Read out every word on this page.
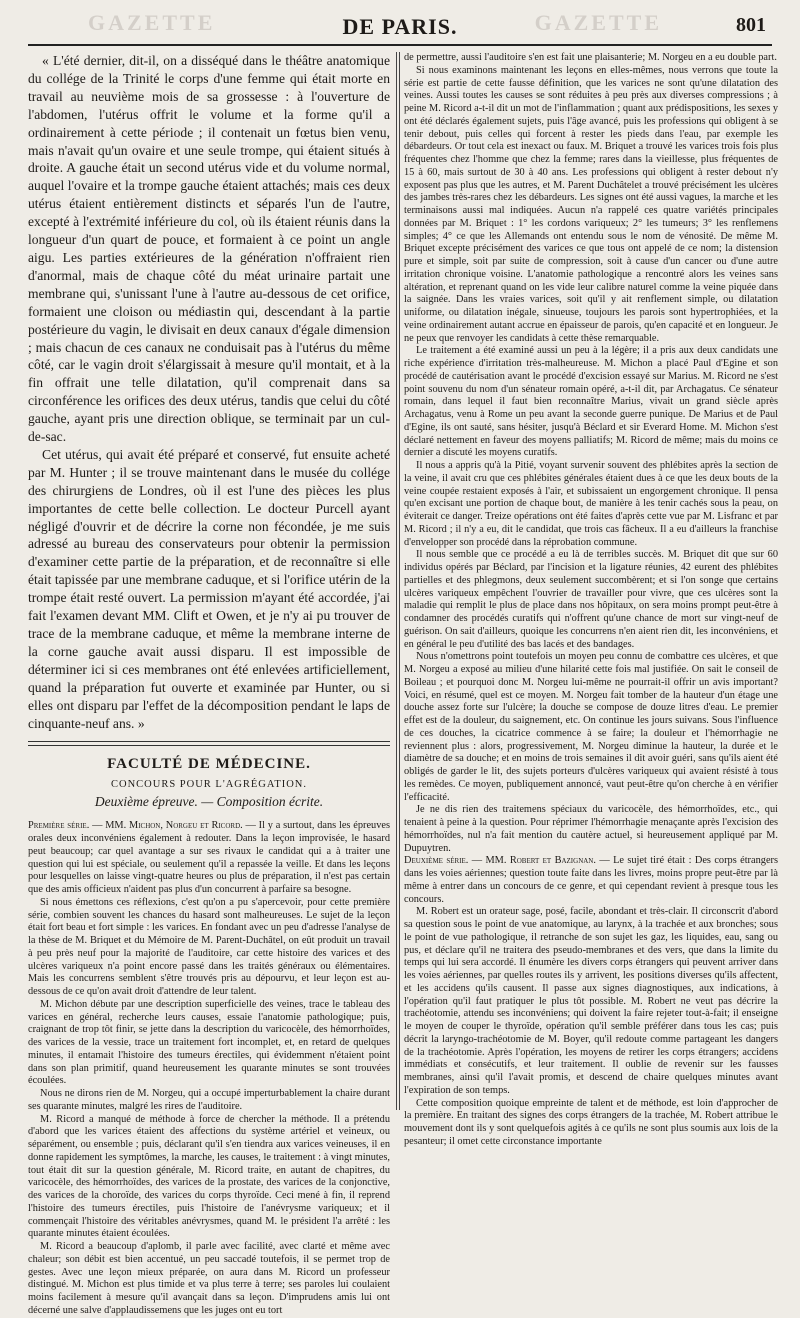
GAZETTE	GAZETTE
DE PARIS.	801

« L'été dernier, dit-il, on a disséqué dans le théâtre anatomique du collége de la Trinité le corps d'une femme qui était morte en travail au neuvième mois de sa grossesse : à l'ouverture de l'abdomen, l'utérus offrit le volume et la forme qu'il a ordinairement à cette période ; il contenait un fœtus bien venu, mais n'avait qu'un ovaire et une seule trompe, qui étaient situés à droite. A gauche était un second utérus vide et du volume normal, auquel l'ovaire et la trompe gauche étaient attachés; mais ces deux utérus étaient entièrement distincts et séparés l'un de l'autre, excepté à l'extrémité inférieure du col, où ils étaient réunis dans la longueur d'un quart de pouce, et formaient à ce point un angle aigu. Les parties extérieures de la génération n'offraient rien d'anormal, mais de chaque côté du méat urinaire partait une membrane qui, s'unissant l'une à l'autre au-dessous de cet orifice, formaient une cloison ou médiastin qui, descendant à la partie postérieure du vagin, le divisait en deux canaux d'égale dimension ; mais chacun de ces canaux ne conduisait pas à l'utérus du même côté, car le vagin droit s'élargissait à mesure qu'il montait, et à la fin offrait une telle dilatation, qu'il comprenait dans sa circonférence les orifices des deux utérus, tandis que celui du côté gauche, ayant pris une direction oblique, se terminait par un cul-de-sac.

Cet utérus, qui avait été préparé et conservé, fut ensuite acheté par M. Hunter ; il se trouve maintenant dans le musée du collége des chirurgiens de Londres, où il est l'une des pièces les plus importantes de cette belle collection. Le docteur Purcell ayant négligé d'ouvrir et de décrire la corne non fécondée, je me suis adressé au bureau des conservateurs pour obtenir la permission d'examiner cette partie de la préparation, et de reconnaître si elle était tapissée par une membrane caduque, et si l'orifice utérin de la trompe était resté ouvert. La permission m'ayant été accordée, j'ai fait l'examen devant MM. Clift et Owen, et je n'y ai pu trouver de trace de la membrane caduque, et même la membrane interne de la corne gauche avait aussi disparu. Il est impossible de déterminer ici si ces membranes ont été enlevées artificiellement, quand la préparation fut ouverte et examinée par Hunter, ou si elles ont disparu par l'effet de la décomposition pendant le laps de cinquante-neuf ans. »

FACULTÉ DE MÉDECINE.
CONCOURS POUR L'AGRÉGATION.
Deuxième épreuve. — Composition écrite.

Première série. — MM. Michon, Norgeu et Ricord. — Il y a surtout, dans les épreuves orales deux inconvéniens également à redouter. Dans la leçon improvisée, le hasard peut beaucoup; car quel avantage a sur ses rivaux le candidat qui a à traiter une question qui lui est spéciale, ou seulement qu'il a repassée la veille. Et dans les leçons pour lesquelles on laisse vingt-quatre heures ou plus de préparation, il n'est pas certain que des amis officieux n'aident pas plus d'un concurrent à parfaire sa besogne.

Si nous émettons ces réflexions, c'est qu'on a pu s'apercevoir, pour cette première série, combien souvent les chances du hasard sont malheureuses. Le sujet de la leçon était fort beau et fort simple : les varices. En fondant avec un peu d'adresse l'analyse de la thèse de M. Briquet et du Mémoire de M. Parent-Duchâtel, on eût produit un travail à peu près neuf pour la majorité de l'auditoire, car cette histoire des varices et des ulcères variqueux n'a point encore passé dans les traités généraux ou élémentaires. Mais les concurrens semblent s'être trouvés pris au dépourvu, et leur leçon est au-dessous de ce qu'on avait droit d'attendre de leur talent.

M. Michon débute par une description superficielle des veines, trace le tableau des varices en général, recherche leurs causes, essaie l'anatomie pathologique; puis, craignant de trop tôt finir, se jette dans la description du varicocèle, des hémorrhoïdes, des varices de la vessie, trace un traitement fort incomplet, et, en retard de quelques minutes, il entamait l'histoire des tumeurs érectiles, qui évidemment n'étaient point dans son plan primitif, quand heureusement les quarante minutes se sont trouvées écoulées.

Nous ne dirons rien de M. Norgeu, qui a occupé imperturbablement la chaire durant ses quarante minutes, malgré les rires de l'auditoire.

M. Ricord a manqué de méthode à force de chercher la méthode. Il a prétendu d'abord que les varices étaient des affections du système artériel et veineux, ou séparément, ou ensemble ; puis, déclarant qu'il s'en tiendra aux varices veineuses, il en donne rapidement les symptômes, la marche, les causes, le traitement : à vingt minutes, tout était dit sur la question générale, M. Ricord traite, en autant de chapitres, du varicocèle, des hémorrhoïdes, des varices de la prostate, des varices de la conjonctive, des varices de la choroïde, des varices du corps thyroïde. Ceci mené à fin, il reprend l'histoire des tumeurs érectiles, puis l'histoire de l'anévrysme variqueux; et il commençait l'histoire des véritables anévrysmes, quand M. le président l'a arrêté : les quarante minutes étaient écoulées.

M. Ricord a beaucoup d'aplomb, il parle avec facilité, avec clarté et même avec chaleur; son débit est bien accentué, un peu saccadé toutefois, il se permet trop de gestes. Avec une leçon mieux préparée, on aura dans M. Ricord un professeur distingué. M. Michon est plus timide et va plus terre à terre; ses paroles lui coulaient moins facilement à mesure qu'il avançait dans sa leçon. D'imprudens amis lui ont décerné une salve d'applaudissemens que les juges ont eu tort

de permettre, aussi l'auditoire s'en est fait une plaisanterie; M. Norgeu en a eu double part.

Si nous examinons maintenant les leçons en elles-mêmes, nous verrons que toute la série est partie de cette fausse définition, que les varices ne sont qu'une dilatation des veines. Aussi toutes les causes se sont réduites à peu près aux diverses compressions ; à peine M. Ricord a-t-il dit un mot de l'inflammation ; quant aux prédispositions, les sexes y ont été déclarés également sujets, puis l'âge avancé, puis les professions qui obligent à se tenir debout, puis celles qui forcent à rester les pieds dans l'eau, par exemple les débardeurs. Or tout cela est inexact ou faux. M. Briquet a trouvé les varices trois fois plus fréquentes chez l'homme que chez la femme; rares dans la vieillesse, plus fréquentes de 15 à 60, mais surtout de 30 à 40 ans. Les professions qui obligent à rester debout n'y exposent pas plus que les autres, et M. Parent Duchâtelet a trouvé précisément les ulcères des jambes très-rares chez les débardeurs. Les signes ont été aussi vagues, la marche et les terminaisons aussi mal indiquées. Aucun n'a rappelé ces quatre variétés principales données par M. Briquet : 1° les cordons variqueux; 2° les tumeurs; 3° les renflemens simples; 4° ce que les Allemands ont entendu sous le nom de vénosité. De même M. Briquet excepte précisément des varices ce que tous ont appelé de ce nom; la distension pure et simple, soit par suite de compression, soit à cause d'un cancer ou d'une autre irritation chronique voisine. L'anatomie pathologique a rencontré alors les veines sans altération, et reprenant quand on les vide leur calibre naturel comme la veine piquée dans la saignée. Dans les vraies varices, soit qu'il y ait renflement simple, ou dilatation uniforme, ou dilatation inégale, sinueuse, toujours les parois sont hypertrophiées, et la veine ordinairement autant accrue en épaisseur de parois, qu'en capacité et en longueur. Je ne peux que renvoyer les candidats à cette thèse remarquable.

Le traitement a été examiné aussi un peu à la légère; il a pris aux deux candidats une riche expérience d'irritation très-malheureuse. M. Michon a placé Paul d'Egine et son procédé de cautérisation avant le procédé d'excision essayé sur Marius. M. Ricord ne s'est point souvenu du nom d'un sénateur romain opéré, a-t-il dit, par Archagatus. Ce sénateur romain, dans lequel il faut bien reconnaître Marius, vivait un grand siècle après Archagatus, venu à Rome un peu avant la seconde guerre punique. De Marius et de Paul d'Egine, ils ont sauté, sans hésiter, jusqu'à Béclard et sir Everard Home. M. Michon s'est déclaré nettement en faveur des moyens palliatifs; M. Ricord de même; mais du moins ce dernier a discuté les moyens curatifs.

Il nous a appris qu'à la Pitié, voyant survenir souvent des phlébites après la section de la veine, il avait cru que ces phlébites générales étaient dues à ce que les deux bouts de la veine coupée restaient exposés à l'air, et subissaient un engorgement chronique. Il pensa qu'en excisant une portion de chaque bout, de manière à les tenir cachés sous la peau, on éviterait ce danger. Treize opérations ont été faites d'après cette vue par M. Lisfranc et par M. Ricord ; il n'y a eu, dit le candidat, que trois cas fâcheux. Il a eu d'ailleurs la franchise d'envelopper son procédé dans la réprobation commune.

Il nous semble que ce procédé a eu là de terribles succès. M. Briquet dit que sur 60 individus opérés par Béclard, par l'incision et la ligature réunies, 42 eurent des phlébites partielles et des phlegmons, deux seulement succombèrent; et si l'on songe que certains ulcères variqueux empêchent l'ouvrier de travailler pour vivre, que ces ulcères sont la maladie qui remplit le plus de place dans nos hôpitaux, on sera moins prompt peut-être à condamner des procédés curatifs qui n'offrent qu'une chance de mort sur vingt-neuf de guérison. On sait d'ailleurs, quoique les concurrens n'en aient rien dit, les inconvéniens, et en général le peu d'utilité des bas lacés et des bandages.

Nous n'omettrons point toutefois un moyen peu connu de combattre ces ulcères, et que M. Norgeu a exposé au milieu d'une hilarité cette fois mal justifiée. On sait le conseil de Boileau ; et pourquoi donc M. Norgeu lui-même ne pourrait-il offrir un avis important? Voici, en résumé, quel est ce moyen. M. Norgeu fait tomber de la hauteur d'un étage une douche assez forte sur l'ulcère; la douche se compose de douze litres d'eau. Le premier effet est de la douleur, du saignement, etc. On continue les jours suivans. Sous l'influence de ces douches, la cicatrice commence à se faire; la douleur et l'hémorrhagie ne reviennent plus : alors, progressivement, M. Norgeu diminue la hauteur, la durée et le diamètre de sa douche; et en moins de trois semaines il dit avoir guéri, sans qu'ils aient été obligés de garder le lit, des sujets porteurs d'ulcères variqueux qui avaient résisté à tous les remèdes. Ce moyen, publiquement annoncé, vaut peut-être qu'on cherche à en vérifier l'efficacité.

Je ne dis rien des traitemens spéciaux du varicocèle, des hémorrhoïdes, etc., qui tenaient à peine à la question. Pour réprimer l'hémorrhagie menaçante après l'excision des hémorrhoïdes, nul n'a fait mention du cautère actuel, si heureusement appliqué par M. Dupuytren.

Deuxième série. — MM. Robert et Bazignan. — Le sujet tiré était : Des corps étrangers dans les voies aériennes; question toute faite dans les livres, moins propre peut-être par là même à entrer dans un concours de ce genre, et qui cependant revient à presque tous les concours.

M. Robert est un orateur sage, posé, facile, abondant et très-clair. Il circonscrit d'abord sa question sous le point de vue anatomique, au larynx, à la trachée et aux bronches; sous le point de vue pathologique, il retranche de son sujet les gaz, les liquides, eau, sang ou pus, et déclare qu'il ne traitera des pseudo-membranes et des vers, que dans la limite du temps qui lui sera accordé. Il énumère les divers corps étrangers qui peuvent arriver dans les voies aériennes, par quelles routes ils y arrivent, les positions diverses qu'ils affectent, et les accidens qu'ils causent. Il passe aux signes diagnostiques, aux indications, à l'opération qu'il faut pratiquer le plus tôt possible. M. Robert ne veut pas décrire la trachéotomie, attendu ses inconvéniens; qui doivent la faire rejeter tout-à-fait; il enseigne le moyen de couper le thyroïde, opération qu'il semble préférer dans tous les cas; puis décrit la laryngo-trachéotomie de M. Boyer, qu'il redoute comme partageant les dangers de la trachéotomie. Après l'opération, les moyens de retirer les corps étrangers; accidens immédiats et consécutifs, et leur traitement. Il oublie de revenir sur les fausses membranes, ainsi qu'il l'avait promis, et descend de chaire quelques minutes avant l'expiration de son temps.

Cette composition quoique empreinte de talent et de méthode, est loin d'approcher de la première. En traitant des signes des corps étrangers de la trachée, M. Robert attribue le mouvement dont ils y sont quelquefois agités à ce qu'ils ne sont plus soumis aux lois de la pesanteur; il omet cette circonstance importante
